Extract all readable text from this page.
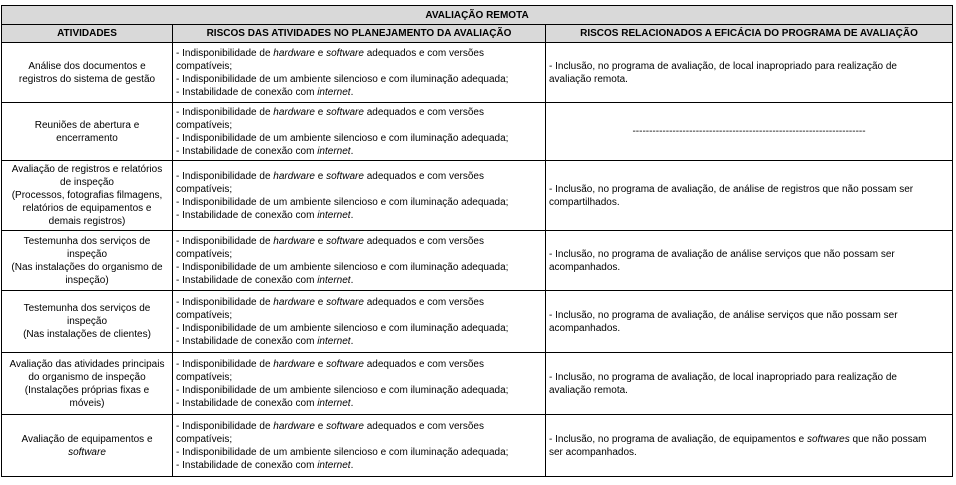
AVALIAÇÃO REMOTA		
ATIVIDADES	RISCOS DAS ATIVIDADES NO PLANEJAMENTO DA AVALIAÇÃO	RISCOS RELACIONADOS A EFICÁCIA DO PROGRAMA DE AVALIAÇÃO

Análise dos documentos e
registros do sistema de gestão	- Indisponibilidade de hardware e software adequados e com versões
compatíveis;
- Indisponibilidade de um ambiente silencioso e com iluminação adequada;
- Instabilidade de conexão com internet.	- Inclusão, no programa de avaliação, de local inapropriado para realização de
avaliação remota.

Reuniões de abertura e
encerramento	- Indisponibilidade de hardware e software adequados e com versões
compatíveis;
- Indisponibilidade de um ambiente silencioso e com iluminação adequada;
- Instabilidade de conexão com internet.	----------------------------------------------------------------------

Avaliação de registros e relatórios
de inspeção
(Processos, fotografias filmagens,
relatórios de equipamentos e
demais registros)	- Indisponibilidade de hardware e software adequados e com versões
compatíveis;
- Indisponibilidade de um ambiente silencioso e com iluminação adequada;
- Instabilidade de conexão com internet.	- Inclusão, no programa de avaliação, de análise de registros que não possam ser
compartilhados.

Testemunha dos serviços de
inspeção
(Nas instalações do organismo de
inspeção)	- Indisponibilidade de hardware e software adequados e com versões
compatíveis;
- Indisponibilidade de um ambiente silencioso e com iluminação adequada;
- Instabilidade de conexão com internet.	- Inclusão, no programa de avaliação de análise serviços que não possam ser
acompanhados.

Testemunha dos serviços de
inspeção
(Nas instalações de clientes)	- Indisponibilidade de hardware e software adequados e com versões
compatíveis;
- Indisponibilidade de um ambiente silencioso e com iluminação adequada;
- Instabilidade de conexão com internet.	- Inclusão, no programa de avaliação, de análise serviços que não possam ser
acompanhados.

Avaliação das atividades principais
do organismo de inspeção
(Instalações próprias fixas e
móveis)	- Indisponibilidade de hardware e software adequados e com versões
compatíveis;
- Indisponibilidade de um ambiente silencioso e com iluminação adequada;
- Instabilidade de conexão com internet.	- Inclusão, no programa de avaliação, de local inapropriado para realização de
avaliação remota.

Avaliação de equipamentos e
software	- Indisponibilidade de hardware e software adequados e com versões
compatíveis;
- Indisponibilidade de um ambiente silencioso e com iluminação adequada;
- Instabilidade de conexão com internet.	- Inclusão, no programa de avaliação, de equipamentos e softwares que não possam
ser acompanhados.
